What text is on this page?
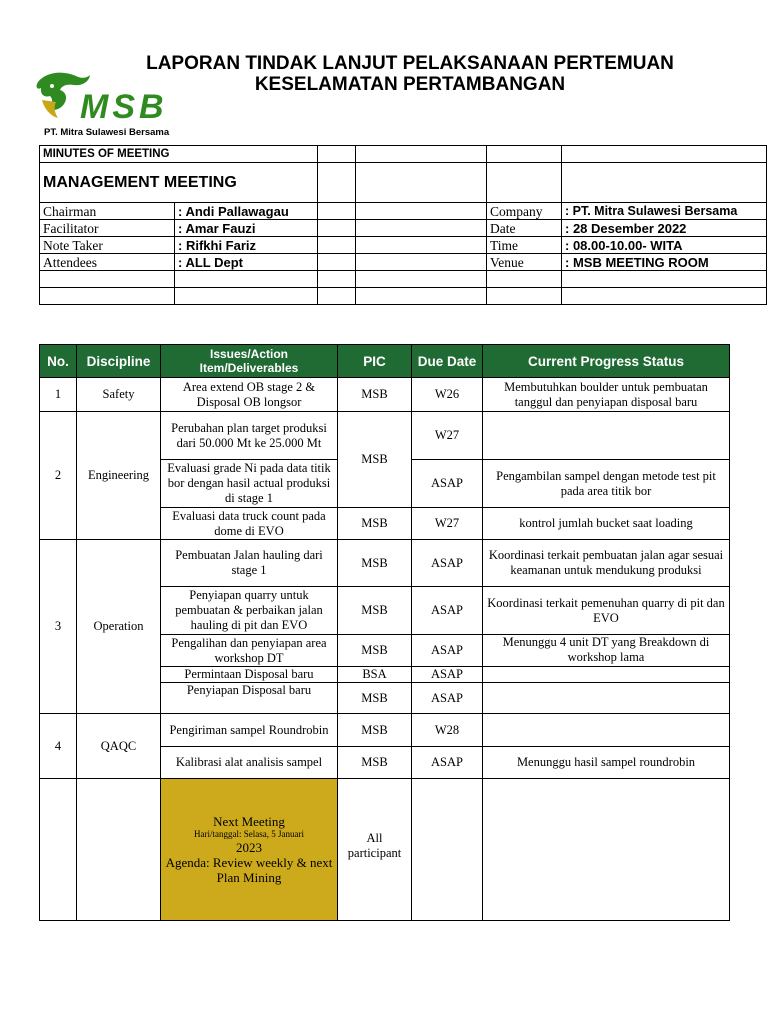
LAPORAN TINDAK LANJUT PELAKSANAAN PERTEMUAN
KESELAMATAN PERTAMBANGAN
MSB
PT. Mitra Sulawesi Bersama
MINUTES OF MEETING					
MANAGEMENT MEETING					
Chairman	: Andi Pallawagau			Company	: PT. Mitra Sulawesi Bersama
Facilitator	: Amar Fauzi			Date	: 28 Desember 2022
Note Taker	: Rifkhi Fariz			Time	: 08.00-10.00- WITA
Attendees	: ALL Dept			Venue	: MSB MEETING ROOM

No.	Discipline	Issues/Action Item/Deliverables	PIC	Due Date	Current Progress Status
1	Safety	Area extend OB stage 2 & Disposal OB longsor	MSB	W26	Membutuhkan boulder untuk pembuatan tanggul dan penyiapan disposal baru
2	Engineering	Perubahan plan target produksi dari 50.000 Mt ke 25.000 Mt	MSB	W27	
		Evaluasi grade Ni pada data titik bor dengan hasil actual produksi di stage 1		ASAP	Pengambilan sampel dengan metode test pit pada area titik bor
		Evaluasi data truck count pada dome di EVO	MSB	W27	kontrol jumlah bucket saat loading
3	Operation	Pembuatan Jalan hauling dari stage 1	MSB	ASAP	Koordinasi terkait pembuatan jalan agar sesuai keamanan untuk mendukung produksi
		Penyiapan quarry untuk pembuatan & perbaikan jalan hauling di pit dan EVO	MSB	ASAP	Koordinasi terkait pemenuhan quarry di pit dan EVO
		Pengalihan dan penyiapan area workshop DT	MSB	ASAP	Menunggu 4 unit DT yang Breakdown di workshop lama
		Permintaan Disposal baru	BSA	ASAP	
		Penyiapan Disposal baru	MSB	ASAP	
4	QAQC	Pengiriman sampel Roundrobin	MSB	W28	
		Kalibrasi alat analisis sampel	MSB	ASAP	Menunggu hasil sampel roundrobin

		Next Meeting
Hari/tanggal: Selasa, 5 Januari
2023
Agenda: Review weekly & next Plan Mining	All participant		
